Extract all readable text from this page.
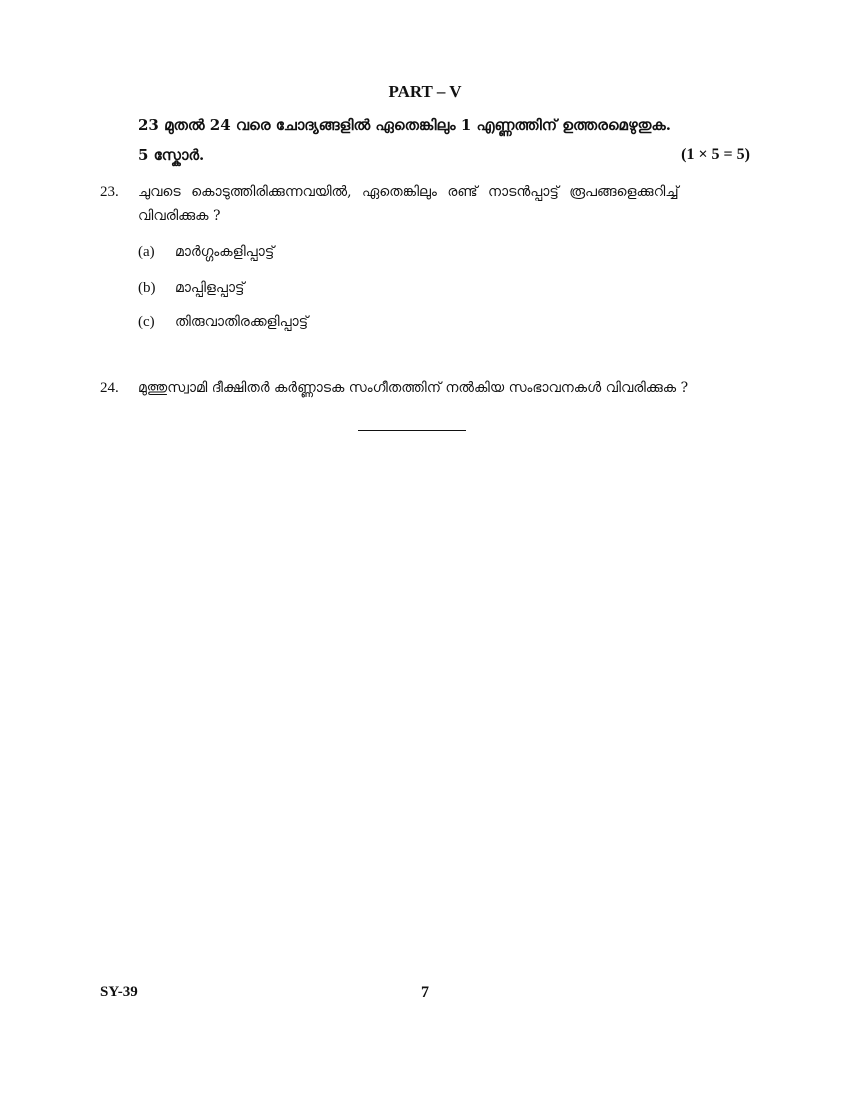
PART – V
23 മുതൽ 24 വരെ ചോദ്യങ്ങളിൽ ഏതെങ്കിലും 1 എണ്ണത്തിന് ഉത്തരമെഴുതുക.
5 സ്കോർ.	(1 × 5 = 5)
23. ചുവടെ കൊടുത്തിരിക്കുന്നവയിൽ, ഏതെങ്കിലും രണ്ട് നാടൻപ്പാട്ട് രൂപങ്ങളെക്കുറിച്ച്
വിവരിക്കുക ?
(a) മാർഗ്ഗംകളിപ്പാട്ട്
(b) മാപ്പിളപ്പാട്ട്
(c) തിരുവാതിരക്കളിപ്പാട്ട്
24. മുത്തുസ്വാമി ദീക്ഷിതർ കർണ്ണാടക സംഗീതത്തിന് നൽകിയ സംഭാവനകൾ വിവരിക്കുക ?
SY-39	7
